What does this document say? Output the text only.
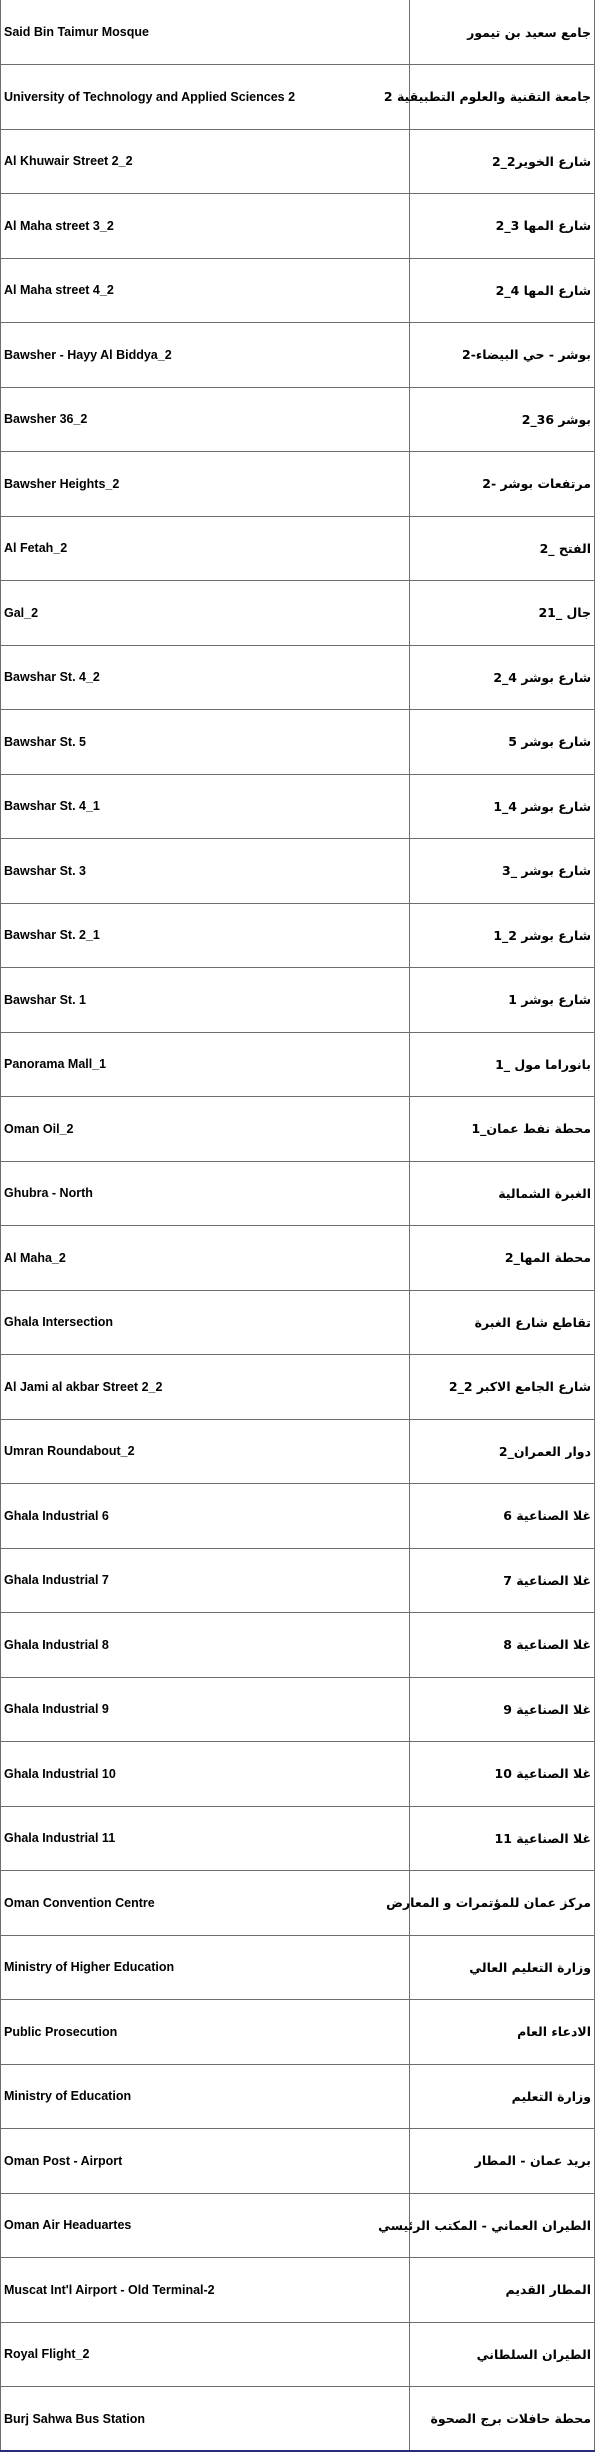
Said Bin Taimur Mosque	جامع سعيد بن تيمور
University of Technology and Applied Sciences 2	جامعة التقنية والعلوم التطبيقية 2
Al Khuwair Street 2_2	شارع الخوير2_2
Al Maha street 3_2	شارع المها 3_2
Al Maha street 4_2	شارع المها 4_2
Bawsher - Hayy Al Biddya_2	بوشر - حي البيضاء-2
Bawsher 36_2	بوشر 36_2
Bawsher Heights_2	مرتفعات بوشر -2
Al Fetah_2	الفتح _2
Gal_2	جال _21
Bawshar St. 4_2	شارع بوشر 4_2
Bawshar St. 5	شارع بوشر 5
Bawshar St. 4_1	شارع بوشر 4_1
Bawshar St. 3	شارع بوشر _3
Bawshar St. 2_1	شارع بوشر 2_1
Bawshar St. 1	شارع بوشر 1
Panorama Mall_1	بانوراما مول _1
Oman Oil_2	محطة نفط عمان_1
Ghubra - North	الغبرة الشمالية
Al Maha_2	محطة المها_2
Ghala Intersection	تقاطع شارع الغبرة
Al Jami al akbar Street 2_2	شارع الجامع الاكبر 2_2
Umran Roundabout_2	دوار العمران_2
Ghala Industrial 6	غلا الصناعية 6
Ghala Industrial 7	غلا الصناعية 7
Ghala Industrial 8	غلا الصناعية 8
Ghala Industrial 9	غلا الصناعية 9
Ghala Industrial 10	غلا الصناعية 10
Ghala Industrial 11	غلا الصناعية 11
Oman Convention Centre	مركز عمان للمؤتمرات و المعارض
Ministry of Higher Education	وزارة التعليم العالي
Public Prosecution	الادعاء العام
Ministry of Education	وزارة التعليم
Oman Post - Airport	بريد عمان - المطار
Oman Air Headuartes	الطيران العماني - المكتب الرئيسي
Muscat Int'l Airport - Old Terminal-2	المطار القديم
Royal Flight_2	الطيران السلطاني
Burj Sahwa Bus Station	محطة حافلات برج الصحوة
